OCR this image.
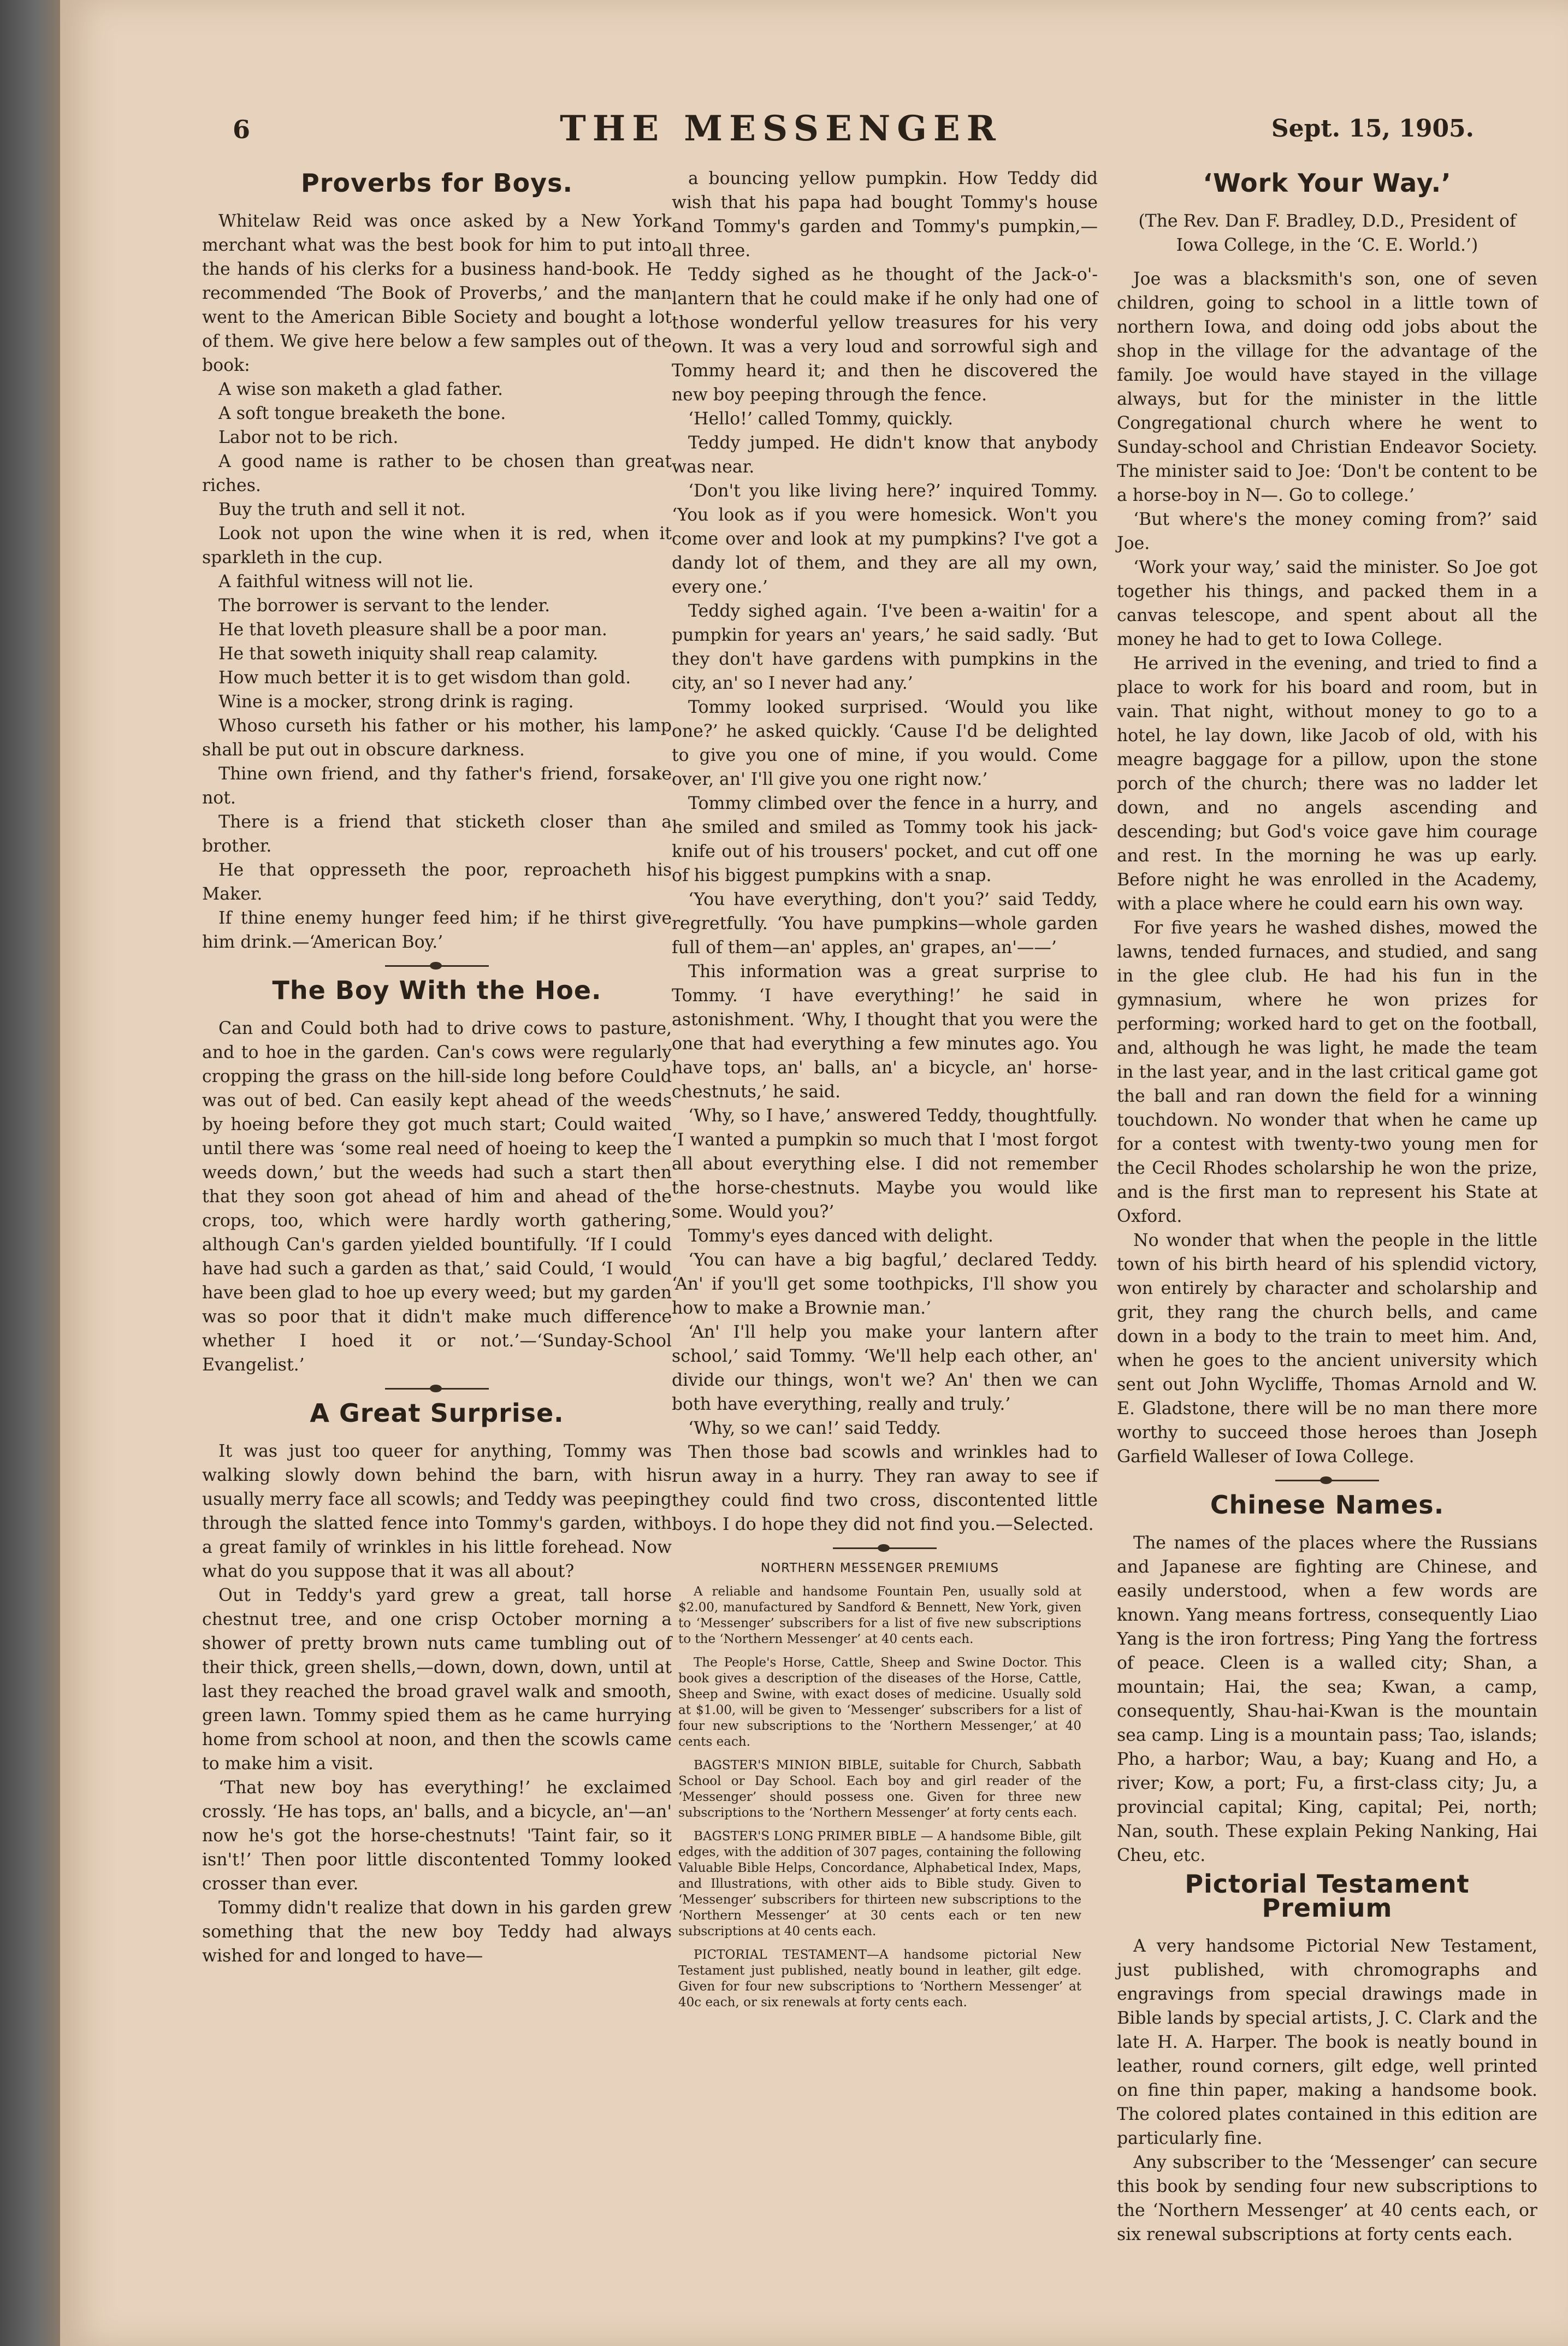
6	THE MESSENGER	Sept. 15, 1905.
Proverbs for Boys.

Whitelaw Reid was once asked by a New York merchant what was the best book for him to put into the hands of his clerks for a business hand-book. He recommended ‘The Book of Proverbs,’ and the man went to the American Bible Society and bought a lot of them. We give here below a few samples out of the book:

A wise son maketh a glad father.

A soft tongue breaketh the bone.

Labor not to be rich.

A good name is rather to be chosen than great riches.

Buy the truth and sell it not.

Look not upon the wine when it is red, when it sparkleth in the cup.

A faithful witness will not lie.

The borrower is servant to the lender.

He that loveth pleasure shall be a poor man.

He that soweth iniquity shall reap calamity.

How much better it is to get wisdom than gold.

Wine is a mocker, strong drink is raging.

Whoso curseth his father or his mother, his lamp shall be put out in obscure darkness.

Thine own friend, and thy father's friend, forsake not.

There is a friend that sticketh closer than a brother.

He that oppresseth the poor, reproacheth his Maker.

If thine enemy hunger feed him; if he thirst give him drink.—‘American Boy.’

The Boy With the Hoe.

Can and Could both had to drive cows to pasture, and to hoe in the garden. Can's cows were regularly cropping the grass on the hill-side long before Could was out of bed. Can easily kept ahead of the weeds by hoeing before they got much start; Could waited until there was ‘some real need of hoeing to keep the weeds down,’ but the weeds had such a start then that they soon got ahead of him and ahead of the crops, too, which were hardly worth gathering, although Can's garden yielded bountifully. ‘If I could have had such a garden as that,’ said Could, ‘I would have been glad to hoe up every weed; but my garden was so poor that it didn't make much difference whether I hoed it or not.’—‘Sunday-School Evangelist.’

A Great Surprise.

It was just too queer for anything, Tommy was walking slowly down behind the barn, with his usually merry face all scowls; and Teddy was peeping through the slatted fence into Tommy's garden, with a great family of wrinkles in his little forehead. Now what do you suppose that it was all about?

Out in Teddy's yard grew a great, tall horse chestnut tree, and one crisp October morning a shower of pretty brown nuts came tumbling out of their thick, green shells,—down, down, down, until at last they reached the broad gravel walk and smooth, green lawn. Tommy spied them as he came hurrying home from school at noon, and then the scowls came to make him a visit.

‘That new boy has everything!’ he exclaimed crossly. ‘He has tops, an' balls, and a bicycle, an'—an' now he's got the horse-chestnuts! 'Taint fair, so it isn't!’ Then poor little discontented Tommy looked crosser than ever.

Tommy didn't realize that down in his garden grew something that the new boy Teddy had always wished for and longed to have—

a bouncing yellow pumpkin. How Teddy did wish that his papa had bought Tommy's house and Tommy's garden and Tommy's pumpkin,—all three.

Teddy sighed as he thought of the Jack-o'-lantern that he could make if he only had one of those wonderful yellow treasures for his very own. It was a very loud and sorrowful sigh and Tommy heard it; and then he discovered the new boy peeping through the fence.

‘Hello!’ called Tommy, quickly.

Teddy jumped. He didn't know that anybody was near.

‘Don't you like living here?’ inquired Tommy. ‘You look as if you were homesick. Won't you come over and look at my pumpkins? I've got a dandy lot of them, and they are all my own, every one.’

Teddy sighed again. ‘I've been a-waitin' for a pumpkin for years an' years,’ he said sadly. ‘But they don't have gardens with pumpkins in the city, an' so I never had any.’

Tommy looked surprised. ‘Would you like one?’ he asked quickly. ‘Cause I'd be delighted to give you one of mine, if you would. Come over, an' I'll give you one right now.’

Tommy climbed over the fence in a hurry, and he smiled and smiled as Tommy took his jack-knife out of his trousers' pocket, and cut off one of his biggest pumpkins with a snap.

‘You have everything, don't you?’ said Teddy, regretfully. ‘You have pumpkins—whole garden full of them—an' apples, an' grapes, an'——’

This information was a great surprise to Tommy. ‘I have everything!’ he said in astonishment. ‘Why, I thought that you were the one that had everything a few minutes ago. You have tops, an' balls, an' a bicycle, an' horse-chestnuts,’ he said.

‘Why, so I have,’ answered Teddy, thoughtfully. ‘I wanted a pumpkin so much that I 'most forgot all about everything else. I did not remember the horse-chestnuts. Maybe you would like some. Would you?’

Tommy's eyes danced with delight.

‘You can have a big bagful,’ declared Teddy. ‘An' if you'll get some toothpicks, I'll show you how to make a Brownie man.’

‘An' I'll help you make your lantern after school,’ said Tommy. ‘We'll help each other, an' divide our things, won't we? An' then we can both have everything, really and truly.’

‘Why, so we can!’ said Teddy.

Then those bad scowls and wrinkles had to run away in a hurry. They ran away to see if they could find two cross, discontented little boys. I do hope they did not find you.—Selected.

NORTHERN MESSENGER PREMIUMS

A reliable and handsome Fountain Pen, usually sold at $2.00, manufactured by Sandford & Bennett, New York, given to ‘Messenger’ subscribers for a list of five new subscriptions to the ‘Northern Messenger’ at 40 cents each.

The People's Horse, Cattle, Sheep and Swine Doctor. This book gives a description of the diseases of the Horse, Cattle, Sheep and Swine, with exact doses of medicine. Usually sold at $1.00, will be given to ‘Messenger’ subscribers for a list of four new subscriptions to the ‘Northern Messenger,’ at 40 cents each.

BAGSTER'S MINION BIBLE, suitable for Church, Sabbath School or Day School. Each boy and girl reader of the ‘Messenger’ should possess one. Given for three new subscriptions to the ‘Northern Messenger’ at forty cents each.

BAGSTER'S LONG PRIMER BIBLE — A handsome Bible, gilt edges, with the addition of 307 pages, containing the following Valuable Bible Helps, Concordance, Alphabetical Index, Maps, and Illustrations, with other aids to Bible study. Given to ‘Messenger’ subscribers for thirteen new subscriptions to the ‘Northern Messenger’ at 30 cents each or ten new subscriptions at 40 cents each.

PICTORIAL TESTAMENT—A handsome pictorial New Testament just published, neatly bound in leather, gilt edge. Given for four new subscriptions to ‘Northern Messenger’ at 40c each, or six renewals at forty cents each.

‘Work Your Way.’

(The Rev. Dan F. Bradley, D.D., President of Iowa College, in the ‘C. E. World.’)

Joe was a blacksmith's son, one of seven children, going to school in a little town of northern Iowa, and doing odd jobs about the shop in the village for the advantage of the family. Joe would have stayed in the village always, but for the minister in the little Congregational church where he went to Sunday-school and Christian Endeavor Society. The minister said to Joe: ‘Don't be content to be a horse-boy in N—. Go to college.’

‘But where's the money coming from?’ said Joe.

‘Work your way,’ said the minister. So Joe got together his things, and packed them in a canvas telescope, and spent about all the money he had to get to Iowa College.

He arrived in the evening, and tried to find a place to work for his board and room, but in vain. That night, without money to go to a hotel, he lay down, like Jacob of old, with his meagre baggage for a pillow, upon the stone porch of the church; there was no ladder let down, and no angels ascending and descending; but God's voice gave him courage and rest. In the morning he was up early. Before night he was enrolled in the Academy, with a place where he could earn his own way.

For five years he washed dishes, mowed the lawns, tended furnaces, and studied, and sang in the glee club. He had his fun in the gymnasium, where he won prizes for performing; worked hard to get on the football, and, although he was light, he made the team in the last year, and in the last critical game got the ball and ran down the field for a winning touchdown. No wonder that when he came up for a contest with twenty-two young men for the Cecil Rhodes scholarship he won the prize, and is the first man to represent his State at Oxford.

No wonder that when the people in the little town of his birth heard of his splendid victory, won entirely by character and scholarship and grit, they rang the church bells, and came down in a body to the train to meet him. And, when he goes to the ancient university which sent out John Wycliffe, Thomas Arnold and W. E. Gladstone, there will be no man there more worthy to succeed those heroes than Joseph Garfield Walleser of Iowa College.

Chinese Names.

The names of the places where the Russians and Japanese are fighting are Chinese, and easily understood, when a few words are known. Yang means fortress, consequently Liao Yang is the iron fortress; Ping Yang the fortress of peace. Cleen is a walled city; Shan, a mountain; Hai, the sea; Kwan, a camp, consequently, Shau-hai-Kwan is the mountain sea camp. Ling is a mountain pass; Tao, islands; Pho, a harbor; Wau, a bay; Kuang and Ho, a river; Kow, a port; Fu, a first-class city; Ju, a provincial capital; King, capital; Pei, north; Nan, south. These explain Peking Nanking, Hai Cheu, etc.

Pictorial Testament Premium

A very handsome Pictorial New Testament, just published, with chromographs and engravings from special drawings made in Bible lands by special artists, J. C. Clark and the late H. A. Harper. The book is neatly bound in leather, round corners, gilt edge, well printed on fine thin paper, making a handsome book. The colored plates contained in this edition are particularly fine.

Any subscriber to the ‘Messenger’ can secure this book by sending four new subscriptions to the ‘Northern Messenger’ at 40 cents each, or six renewal subscriptions at forty cents each.
